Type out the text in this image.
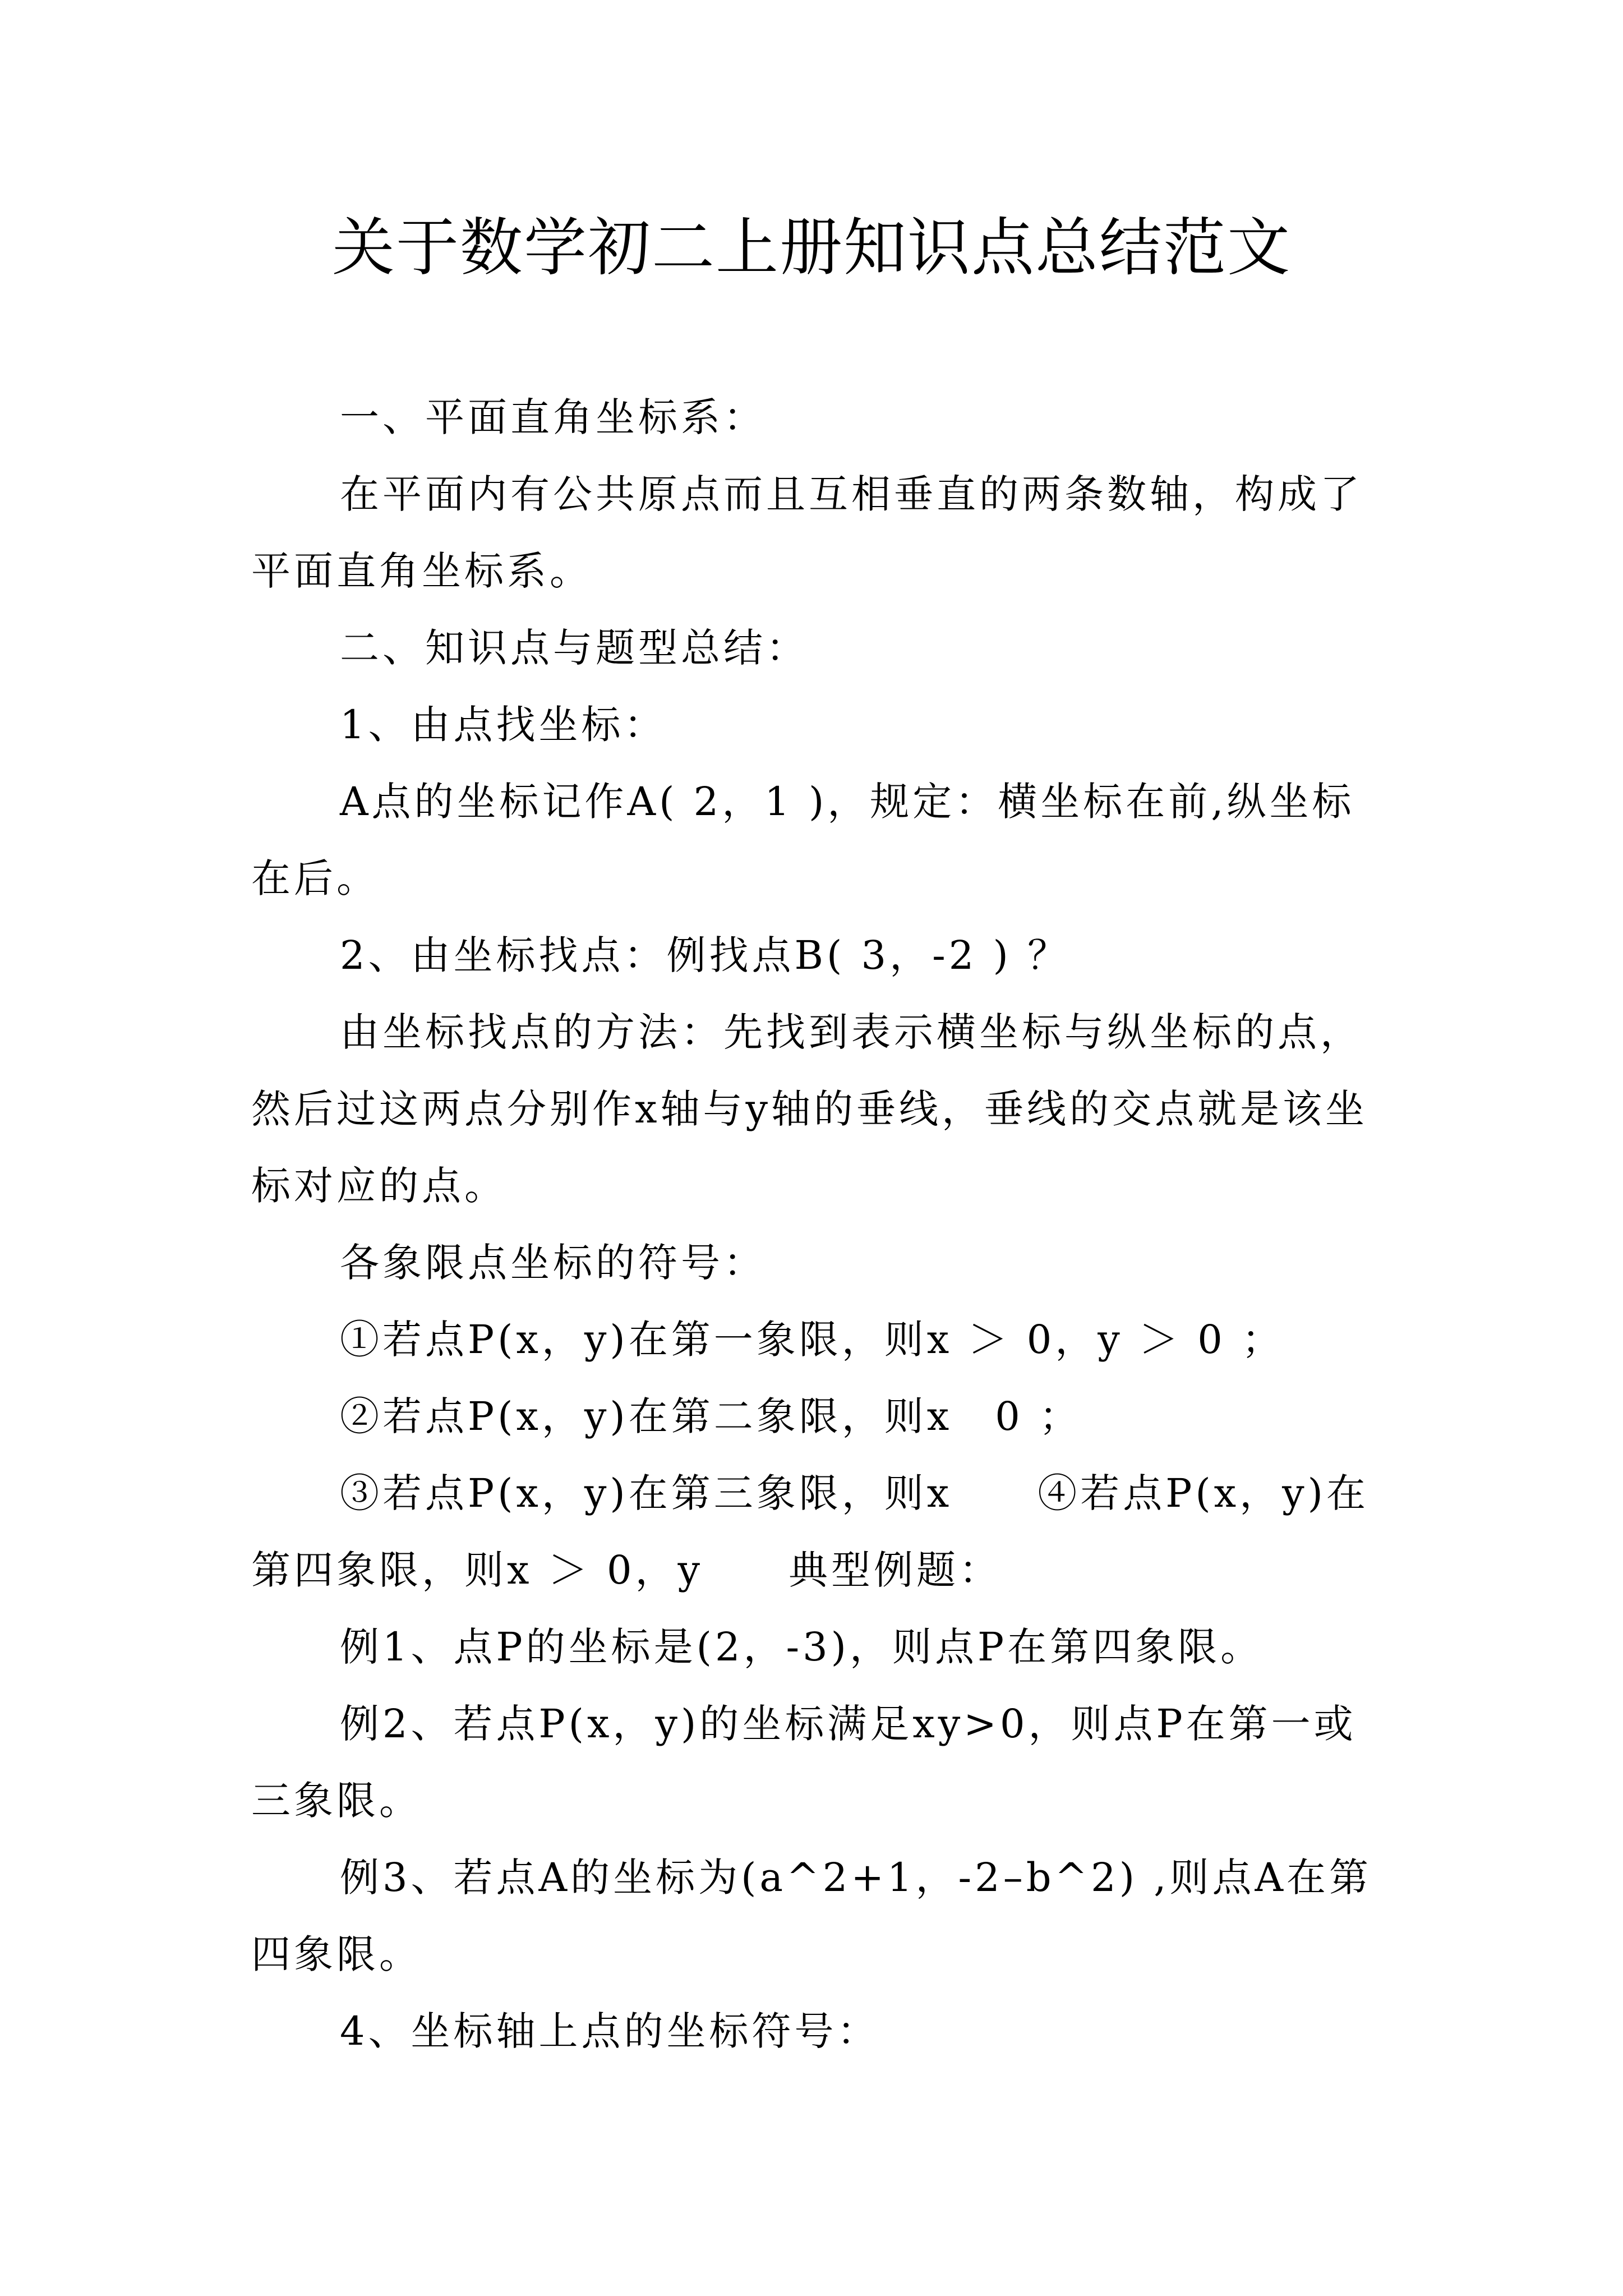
关于数学初二上册知识点总结范文

一、平面直角坐标系：

在平面内有公共原点而且互相垂直的两条数轴，构成了平面直角坐标系。

二、知识点与题型总结：

1、由点找坐标：

A点的坐标记作A( 2，1 )，规定：横坐标在前,纵坐标在后。

2、由坐标找点：例找点B( 3，-2 ) ？

由坐标找点的方法：先找到表示横坐标与纵坐标的点，然后过这两点分别作x轴与y轴的垂线，垂线的交点就是该坐标对应的点。

各象限点坐标的符号：

①若点P(x，y)在第一象限，则x ＞ 0，y ＞ 0 ；

②若点P(x，y)在第二象限，则x　0 ；

③若点P(x，y)在第三象限，则x　　④若点P(x，y)在第四象限，则x ＞ 0，y　　典型例题：

例1、点P的坐标是(2，-3)，则点P在第四象限。

例2、若点P(x，y)的坐标满足xy>0，则点P在第一或三象限。

例3、若点A的坐标为(a^2+1，-2–b^2) ,则点A在第四象限。

4、坐标轴上点的坐标符号：
